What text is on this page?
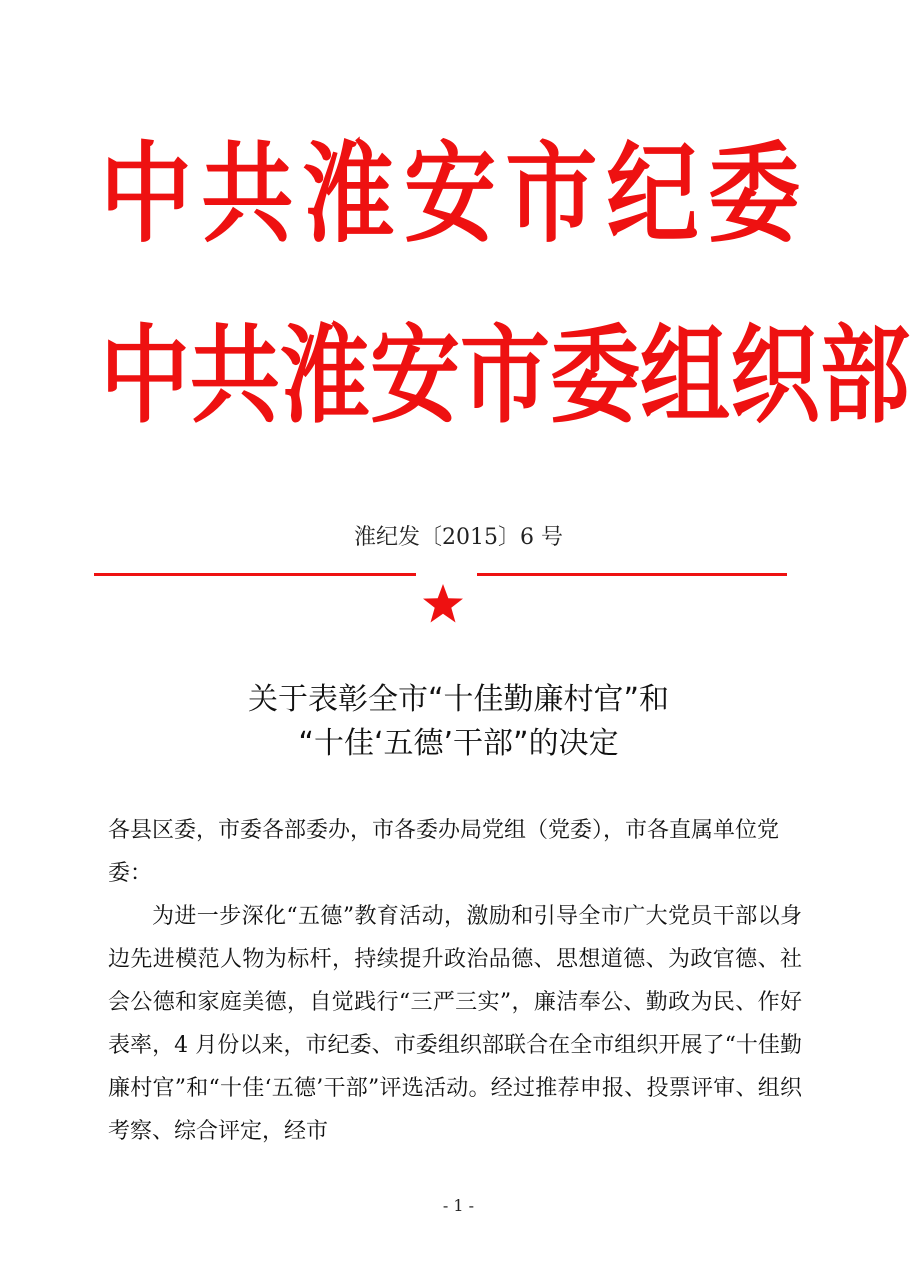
中 共 淮 安 市 纪 委
中 共 淮 安 市 委 组 织 部
淮纪发〔2015〕6 号
关于表彰全市“十佳勤廉村官”和
“十佳‘五德’干部”的决定
各县区委，市委各部委办，市各委办局党组（党委），市各直属单位党委：
为进一步深化“五德”教育活动，激励和引导全市广大党员干部以身边先进模范人物为标杆，持续提升政治品德、思想道德、为政官德、社会公德和家庭美德，自觉践行“三严三实”，廉洁奉公、勤政为民、作好表率，4 月份以来，市纪委、市委组织部联合在全市组织开展了“十佳勤廉村官”和“十佳‘五德’干部”评选活动。经过推荐申报、投票评审、组织考察、综合评定，经市
- 1 -
